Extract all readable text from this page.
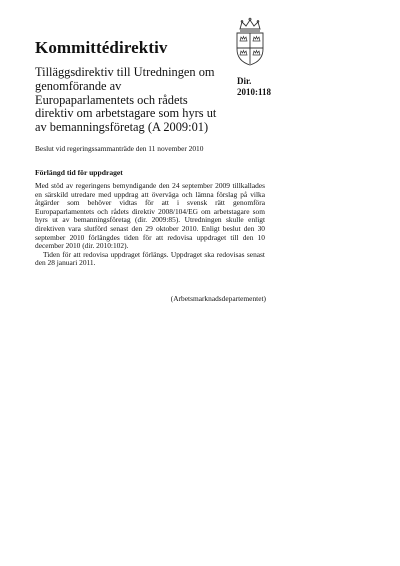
Kommittédirektiv
Tilläggsdirektiv till Utredningen om genomförande av Europaparlamentets och rådets direktiv om arbetstagare som hyrs ut av bemanningsföretag (A 2009:01)
Dir.
2010:118
Beslut vid regeringssammanträde den 11 november 2010
Förlängd tid för uppdraget

Med stöd av regeringens bemyndigande den 24 september 2009 tillkallades en särskild utredare med uppdrag att överväga och lämna förslag på vilka åtgärder som behöver vidtas för att i svensk rätt genomföra Europaparlamentets och rådets direktiv 2008/104/EG om arbetstagare som hyrs ut av bemanningsföretag (dir. 2009:85). Utredningen skulle enligt direktiven vara slutförd senast den 29 oktober 2010. Enligt beslut den 30 september 2010 förlängdes tiden för att redovisa uppdraget till den 10 december 2010 (dir. 2010:102).

Tiden för att redovisa uppdraget förlängs. Uppdraget ska redovisas senast den 28 januari 2011.

(Arbetsmarknadsdepartementet)
